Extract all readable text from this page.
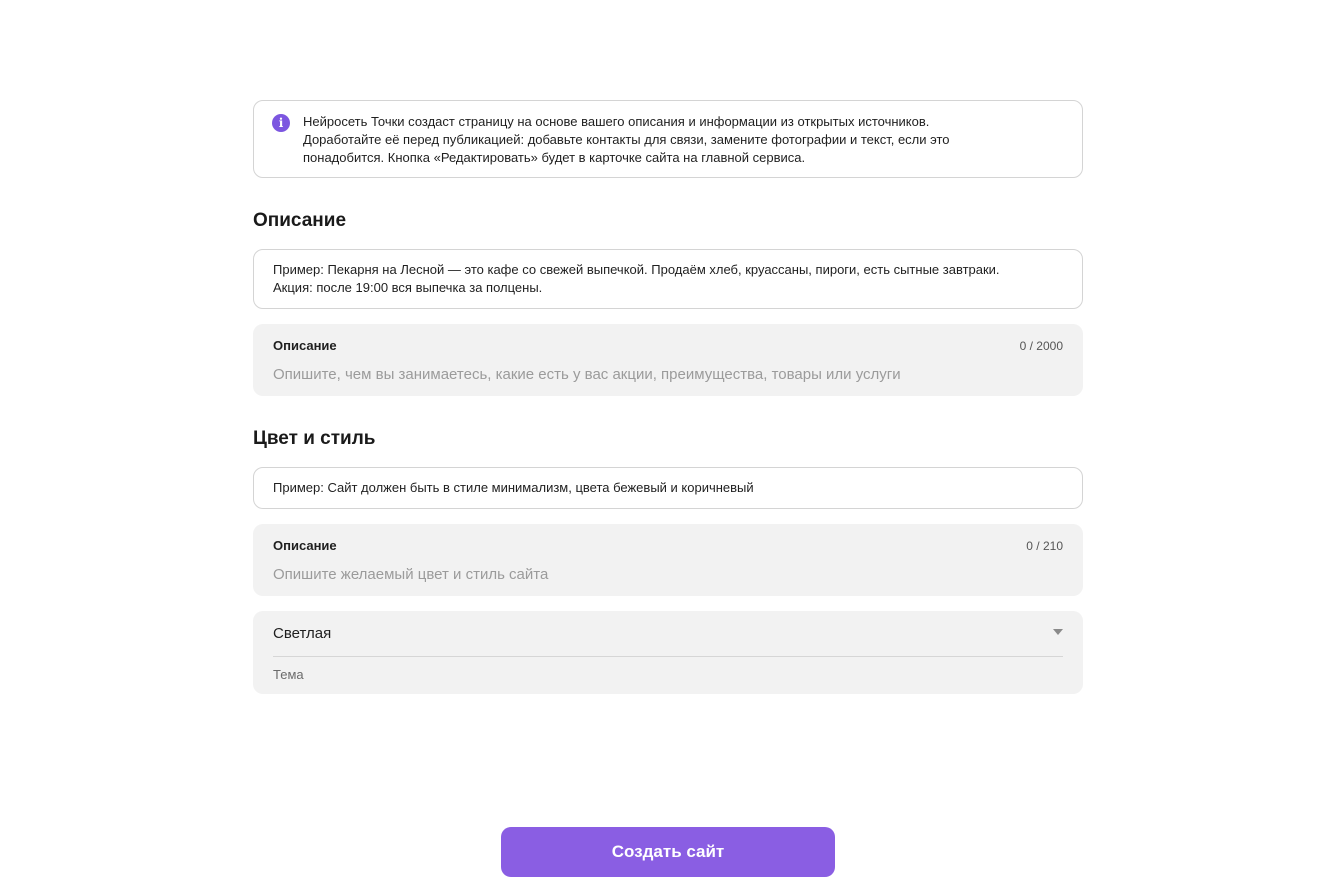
i	Нейросеть Точки создаст страницу на основе вашего описания и информации из открытых источников.
Доработайте её перед публикацией: добавьте контакты для связи, замените фотографии и текст, если это
понадобится. Кнопка «Редактировать» будет в карточке сайта на главной сервиса.
Описание
Пример: Пекарня на Лесной — это кафе со свежей выпечкой. Продаём хлеб, круассаны, пироги, есть сытные завтраки.
Акция: после 19:00 вся выпечка за полцены.
Описание	0 / 2000
Опишите, чем вы занимаетесь, какие есть у вас акции, преимущества, товары или услуги
Цвет и стиль
Пример: Сайт должен быть в стиле минимализм, цвета бежевый и коричневый
Описание	0 / 210
Опишите желаемый цвет и стиль сайта
Светлая
Тема
Создать сайт
